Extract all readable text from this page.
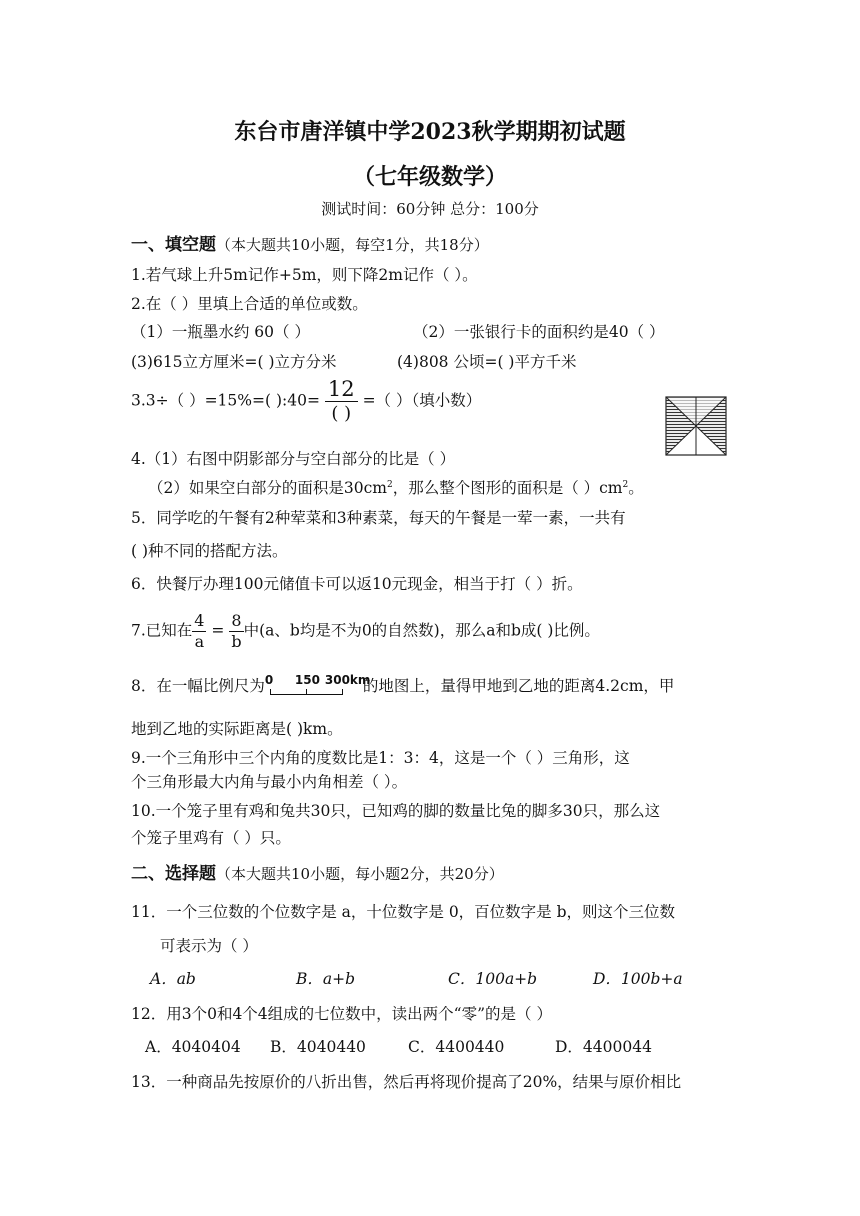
东台市唐洋镇中学2023秋学期期初试题
（七年级数学）
测试时间：60分钟 总分：100分
一、填空题（本大题共10小题，每空1分，共18分）
1.若气球上升5m记作+5m，则下降2m记作（ ）。
2.在（ ）里填上合适的单位或数。
（1）一瓶墨水约 60（ ）	（2）一张银行卡的面积约是40（ ）
(3)615立方厘米=( )立方分米	(4)808 公顷=( )平方千米
3.3÷（ ）=15%=( ):40= $\frac{12}{( )}$ =（ ）（填小数）
4.（1）右图中阴影部分与空白部分的比是（ ）
（2）如果空白部分的面积是$30cm^2$，那么整个图形的面积是（ ）$cm^2$。
5．同学吃的午餐有2种荤菜和3种素菜，每天的午餐是一荤一素，一共有
( )种不同的搭配方法。
6．快餐厅办理100元储值卡可以返10元现金，相当于打（ ）折。
7.已知在 $\frac{4}{a} = \frac{8}{b}$ 中(a、b均是不为0的自然数)，那么a和b成( )比例。
8．在一幅比例尺为 0 150 300km
的地图上，量得甲地到乙地的距离4.2cm，甲
地到乙地的实际距离是( )km。
9.一个三角形中三个内角的度数比是1：3：4，这是一个（ ）三角形，这
个三角形最大内角与最小内角相差（ ）。
10.一个笼子里有鸡和兔共30只，已知鸡的脚的数量比兔的脚多30只，那么这
个笼子里鸡有（ ）只。
二、选择题（本大题共10小题，每小题2分，共20分）
11．一个三位数的个位数字是 a，十位数字是 0，百位数字是 b，则这个三位数
可表示为（ ）
A．ab	B．a+b	C．100a+b	D．100b+a
12．用3个0和4个4组成的七位数中，读出两个“零”的是（ ）
A．4040404 B．4040440	C．4400440	D．4400044
13．一种商品先按原价的八折出售，然后再将现价提高了20%，结果与原价相比
